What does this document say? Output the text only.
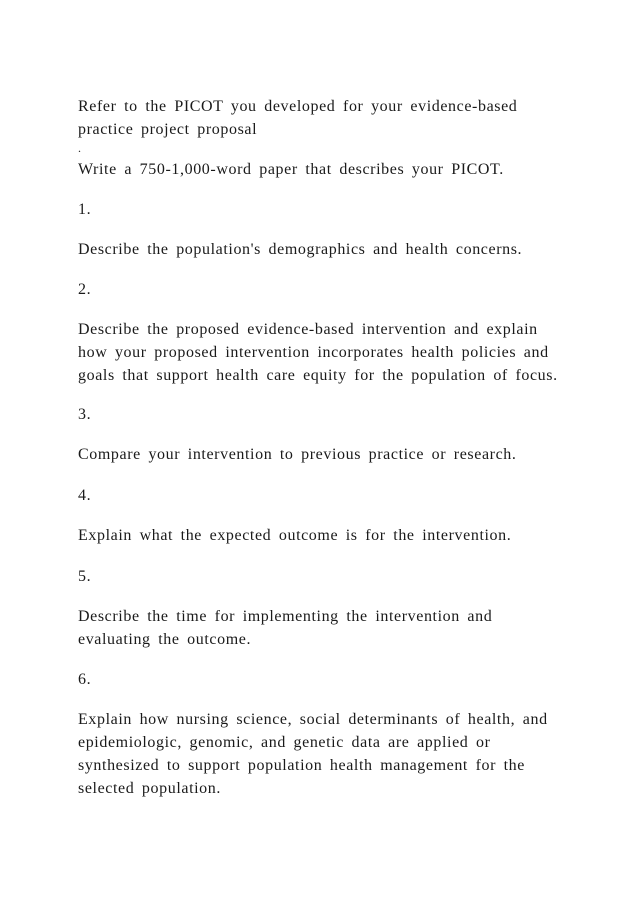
Refer to the PICOT you developed for your evidence-based

practice project proposal

.

Write a 750-1,000-word paper that describes your PICOT.

1.

Describe the population's demographics and health concerns.

2.

Describe the proposed evidence-based intervention and explain

how your proposed intervention incorporates health policies and

goals that support health care equity for the population of focus.

3.

Compare your intervention to previous practice or research.

4.

Explain what the expected outcome is for the intervention.

5.

Describe the time for implementing the intervention and

evaluating the outcome.

6.

Explain how nursing science, social determinants of health, and

epidemiologic, genomic, and genetic data are applied or

synthesized to support population health management for the

selected population.
